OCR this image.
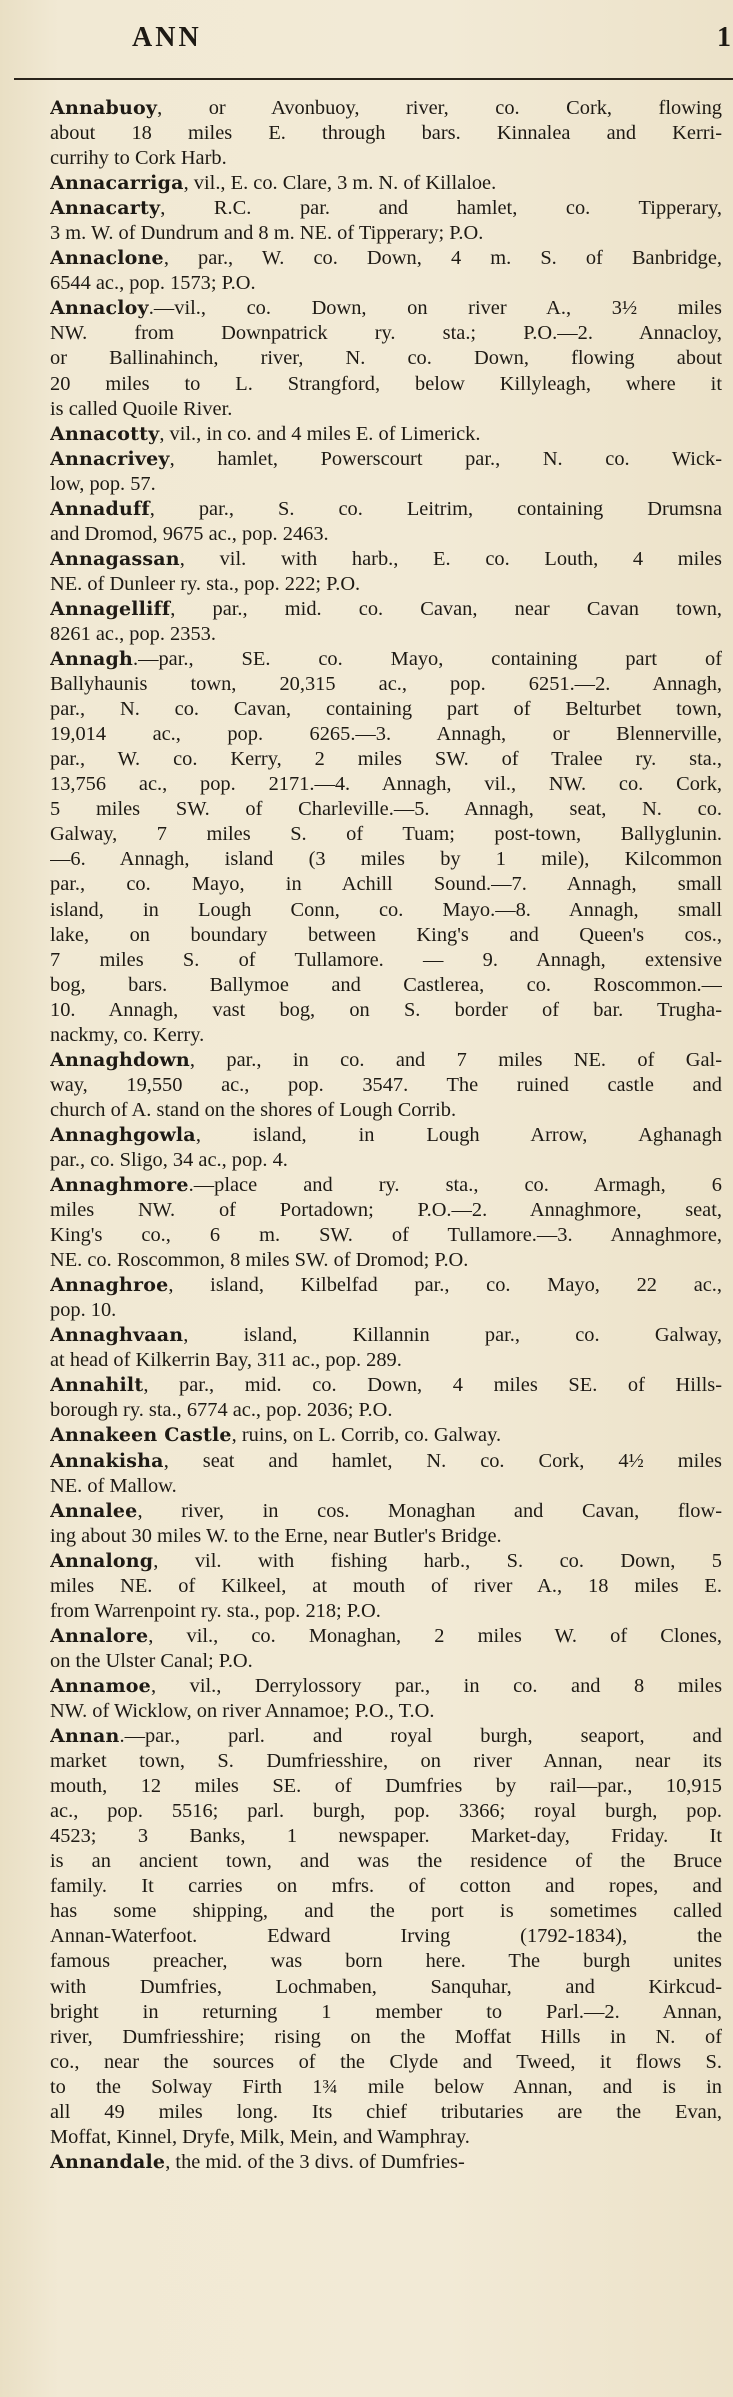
ANN	1

Annabuoy, or Avonbuoy, river, co. Cork, flowing
about 18 miles E. through bars. Kinnalea and Kerri-
currihy to Cork Harb.

Annacarriga, vil., E. co. Clare, 3 m. N. of Killaloe.

Annacarty, R.C. par. and hamlet, co. Tipperary,
3 m. W. of Dundrum and 8 m. NE. of Tipperary; P.O.

Annaclone, par., W. co. Down, 4 m. S. of Banbridge,
6544 ac., pop. 1573; P.O.

Annacloy.—vil., co. Down, on river A., 3½ miles
NW. from Downpatrick ry. sta.; P.O.—2. Annacloy,
or Ballinahinch, river, N. co. Down, flowing about
20 miles to L. Strangford, below Killyleagh, where it
is called Quoile River.

Annacotty, vil., in co. and 4 miles E. of Limerick.

Annacrivey, hamlet, Powerscourt par., N. co. Wick-
low, pop. 57.

Annaduff, par., S. co. Leitrim, containing Drumsna
and Dromod, 9675 ac., pop. 2463.

Annagassan, vil. with harb., E. co. Louth, 4 miles
NE. of Dunleer ry. sta., pop. 222; P.O.

Annagelliff, par., mid. co. Cavan, near Cavan town,
8261 ac., pop. 2353.

Annagh.—par., SE. co. Mayo, containing part of
Ballyhaunis town, 20,315 ac., pop. 6251.—2. Annagh,
par., N. co. Cavan, containing part of Belturbet town,
19,014 ac., pop. 6265.—3. Annagh, or Blennerville,
par., W. co. Kerry, 2 miles SW. of Tralee ry. sta.,
13,756 ac., pop. 2171.—4. Annagh, vil., NW. co. Cork,
5 miles SW. of Charleville.—5. Annagh, seat, N. co.
Galway, 7 miles S. of Tuam; post-town, Ballyglunin.
—6. Annagh, island (3 miles by 1 mile), Kilcommon
par., co. Mayo, in Achill Sound.—7. Annagh, small
island, in Lough Conn, co. Mayo.—8. Annagh, small
lake, on boundary between King's and Queen's cos.,
7 miles S. of Tullamore. — 9. Annagh, extensive
bog, bars. Ballymoe and Castlerea, co. Roscommon.—
10. Annagh, vast bog, on S. border of bar. Trugha-
nackmy, co. Kerry.

Annaghdown, par., in co. and 7 miles NE. of Gal-
way, 19,550 ac., pop. 3547. The ruined castle and
church of A. stand on the shores of Lough Corrib.

Annaghgowla, island, in Lough Arrow, Aghanagh
par., co. Sligo, 34 ac., pop. 4.

Annaghmore.—place and ry. sta., co. Armagh, 6
miles NW. of Portadown; P.O.—2. Annaghmore, seat,
King's co., 6 m. SW. of Tullamore.—3. Annaghmore,
NE. co. Roscommon, 8 miles SW. of Dromod; P.O.

Annaghroe, island, Kilbelfad par., co. Mayo, 22 ac.,
pop. 10.

Annaghvaan, island, Killannin par., co. Galway,
at head of Kilkerrin Bay, 311 ac., pop. 289.

Annahilt, par., mid. co. Down, 4 miles SE. of Hills-
borough ry. sta., 6774 ac., pop. 2036; P.O.

Annakeen Castle, ruins, on L. Corrib, co. Galway.

Annakisha, seat and hamlet, N. co. Cork, 4½ miles
NE. of Mallow.

Annalee, river, in cos. Monaghan and Cavan, flow-
ing about 30 miles W. to the Erne, near Butler's Bridge.

Annalong, vil. with fishing harb., S. co. Down, 5
miles NE. of Kilkeel, at mouth of river A., 18 miles E.
from Warrenpoint ry. sta., pop. 218; P.O.

Annalore, vil., co. Monaghan, 2 miles W. of Clones,
on the Ulster Canal; P.O.

Annamoe, vil., Derrylossory par., in co. and 8 miles
NW. of Wicklow, on river Annamoe; P.O., T.O.

Annan.—par., parl. and royal burgh, seaport, and
market town, S. Dumfriesshire, on river Annan, near its
mouth, 12 miles SE. of Dumfries by rail—par., 10,915
ac., pop. 5516; parl. burgh, pop. 3366; royal burgh, pop.
4523; 3 Banks, 1 newspaper. Market-day, Friday. It
is an ancient town, and was the residence of the Bruce
family. It carries on mfrs. of cotton and ropes, and
has some shipping, and the port is sometimes called
Annan-Waterfoot. Edward Irving (1792-1834), the
famous preacher, was born here. The burgh unites
with Dumfries, Lochmaben, Sanquhar, and Kirkcud-
bright in returning 1 member to Parl.—2. Annan,
river, Dumfriesshire; rising on the Moffat Hills in N. of
co., near the sources of the Clyde and Tweed, it flows S.
to the Solway Firth 1¾ mile below Annan, and is in
all 49 miles long. Its chief tributaries are the Evan,
Moffat, Kinnel, Dryfe, Milk, Mein, and Wamphray.

Annandale, the mid. of the 3 divs. of Dumfries-
